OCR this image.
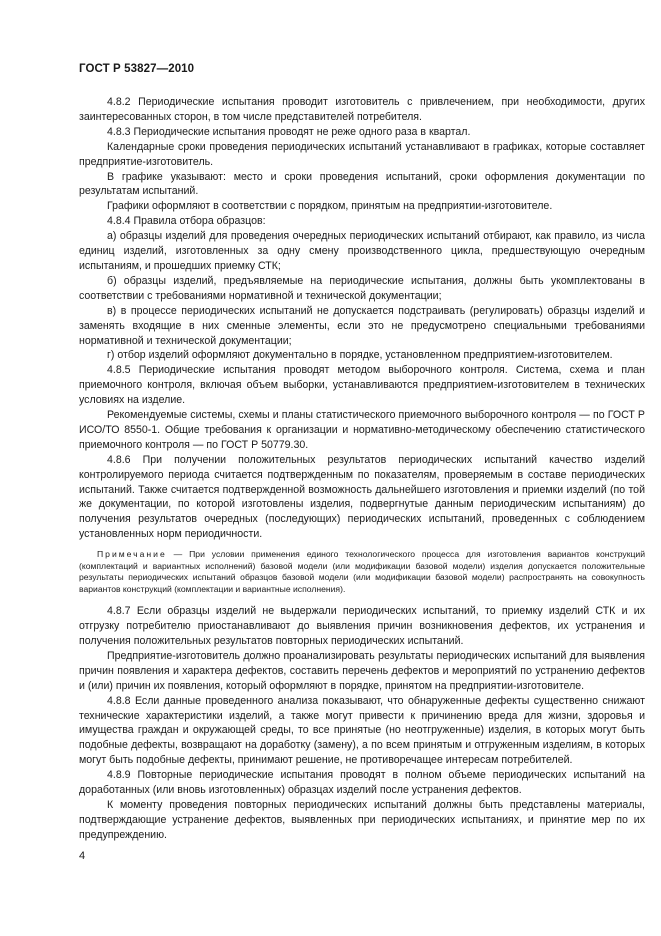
ГОСТ Р 53827—2010

4.8.2 Периодические испытания проводит изготовитель с привлечением, при необходимости, других заинтересованных сторон, в том числе представителей потребителя.

4.8.3 Периодические испытания проводят не реже одного раза в квартал.

Календарные сроки проведения периодических испытаний устанавливают в графиках, которые составляет предприятие-изготовитель.

В графике указывают: место и сроки проведения испытаний, сроки оформления документации по результатам испытаний.

Графики оформляют в соответствии с порядком, принятым на предприятии-изготовителе.

4.8.4 Правила отбора образцов:

а) образцы изделий для проведения очередных периодических испытаний отбирают, как правило, из числа единиц изделий, изготовленных за одну смену производственного цикла, предшествующую очередным испытаниям, и прошедших приемку СТК;

б) образцы изделий, предъявляемые на периодические испытания, должны быть укомплектованы в соответствии с требованиями нормативной и технической документации;

в) в процессе периодических испытаний не допускается подстраивать (регулировать) образцы изделий и заменять входящие в них сменные элементы, если это не предусмотрено специальными требованиями нормативной и технической документации;

г) отбор изделий оформляют документально в порядке, установленном предприятием-изготовителем.

4.8.5 Периодические испытания проводят методом выборочного контроля. Система, схема и план приемочного контроля, включая объем выборки, устанавливаются предприятием-изготовителем в технических условиях на изделие.

Рекомендуемые системы, схемы и планы статистического приемочного выборочного контроля — по ГОСТ Р ИСО/ТО 8550-1. Общие требования к организации и нормативно-методическому обеспечению статистического приемочного контроля — по ГОСТ Р 50779.30.

4.8.6 При получении положительных результатов периодических испытаний качество изделий контролируемого периода считается подтвержденным по показателям, проверяемым в составе периодических испытаний. Также считается подтвержденной возможность дальнейшего изготовления и приемки изделий (по той же документации, по которой изготовлены изделия, подвергнутые данным периодическим испытаниям) до получения результатов очередных (последующих) периодических испытаний, проведенных с соблюдением установленных норм периодичности.

Примечание — При условии применения единого технологического процесса для изготовления вариантов конструкций (комплектаций и вариантных исполнений) базовой модели (или модификации базовой модели) изделия допускается положительные результаты периодических испытаний образцов базовой модели (или модификации базовой модели) распространять на совокупность вариантов конструкций (комплектации и вариантные исполнения).

4.8.7 Если образцы изделий не выдержали периодических испытаний, то приемку изделий СТК и их отгрузку потребителю приостанавливают до выявления причин возникновения дефектов, их устранения и получения положительных результатов повторных периодических испытаний.

Предприятие-изготовитель должно проанализировать результаты периодических испытаний для выявления причин появления и характера дефектов, составить перечень дефектов и мероприятий по устранению дефектов и (или) причин их появления, который оформляют в порядке, принятом на предприятии-изготовителе.

4.8.8 Если данные проведенного анализа показывают, что обнаруженные дефекты существенно снижают технические характеристики изделий, а также могут привести к причинению вреда для жизни, здоровья и имущества граждан и окружающей среды, то все принятые (но неотгруженные) изделия, в которых могут быть подобные дефекты, возвращают на доработку (замену), а по всем принятым и отгруженным изделиям, в которых могут быть подобные дефекты, принимают решение, не противоречащее интересам потребителей.

4.8.9 Повторные периодические испытания проводят в полном объеме периодических испытаний на доработанных (или вновь изготовленных) образцах изделий после устранения дефектов.

К моменту проведения повторных периодических испытаний должны быть представлены материалы, подтверждающие устранение дефектов, выявленных при периодических испытаниях, и принятие мер по их предупреждению.

4
